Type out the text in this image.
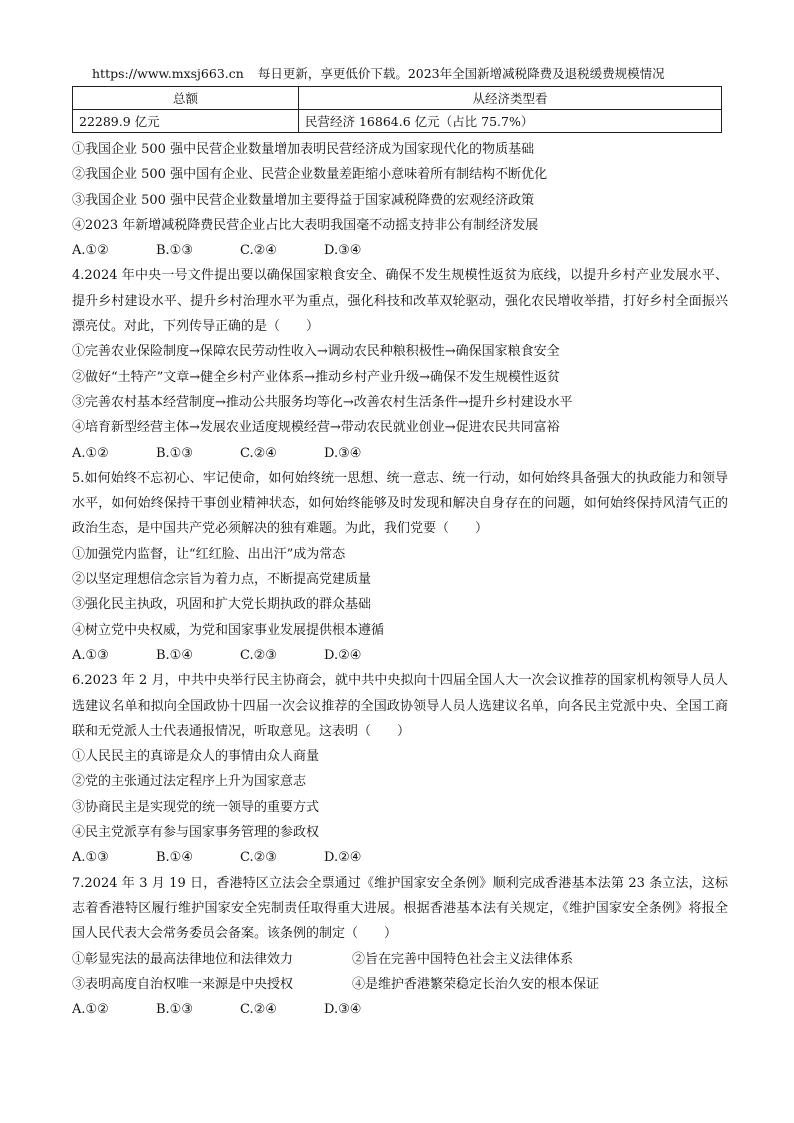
https://www.mxsj663.cn 每日更新，享更低价下载。2023年全国新增减税降费及退税缓费规模情况
总额	从经济类型看
22289.9 亿元	民营经济 16864.6 亿元（占比 75.7%）
①我国企业 500 强中民营企业数量增加表明民营经济成为国家现代化的物质基础
②我国企业 500 强中国有企业、民营企业数量差距缩小意味着所有制结构不断优化
③我国企业 500 强中民营企业数量增加主要得益于国家减税降费的宏观经济政策
④2023 年新增减税降费民营企业占比大表明我国毫不动摇支持非公有制经济发展
A.①②	B.①③	C.②④	D.③④
4.2024 年中央一号文件提出要以确保国家粮食安全、确保不发生规模性返贫为底线，以提升乡村产业发展水平、提升乡村建设水平、提升乡村治理水平为重点，强化科技和改革双轮驱动，强化农民增收举措，打好乡村全面振兴漂亮仗。对此，下列传导正确的是（　　）
①完善农业保险制度→保障农民劳动性收入→调动农民种粮积极性→确保国家粮食安全
②做好“土特产”文章→健全乡村产业体系→推动乡村产业升级→确保不发生规模性返贫
③完善农村基本经营制度→推动公共服务均等化→改善农村生活条件→提升乡村建设水平
④培育新型经营主体→发展农业适度规模经营→带动农民就业创业→促进农民共同富裕
A.①②	B.①③	C.②④	D.③④
5.如何始终不忘初心、牢记使命，如何始终统一思想、统一意志、统一行动，如何始终具备强大的执政能力和领导水平，如何始终保持干事创业精神状态，如何始终能够及时发现和解决自身存在的问题，如何始终保持风清气正的政治生态，是中国共产党必须解决的独有难题。为此，我们党要（　　）
①加强党内监督，让“红红脸、出出汗”成为常态
②以坚定理想信念宗旨为着力点，不断提高党建质量
③强化民主执政，巩固和扩大党长期执政的群众基础
④树立党中央权威，为党和国家事业发展提供根本遵循
A.①③	B.①④	C.②③	D.②④
6.2023 年 2 月，中共中央举行民主协商会，就中共中央拟向十四届全国人大一次会议推荐的国家机构领导人员人选建议名单和拟向全国政协十四届一次会议推荐的全国政协领导人员人选建议名单，向各民主党派中央、全国工商联和无党派人士代表通报情况，听取意见。这表明（　　）
①人民民主的真谛是众人的事情由众人商量
②党的主张通过法定程序上升为国家意志
③协商民主是实现党的统一领导的重要方式
④民主党派享有参与国家事务管理的参政权
A.①③	B.①④	C.②③	D.②④
7.2024 年 3 月 19 日，香港特区立法会全票通过《维护国家安全条例》顺利完成香港基本法第 23 条立法，这标志着香港特区履行维护国家安全宪制责任取得重大进展。根据香港基本法有关规定，《维护国家安全条例》将报全国人民代表大会常务委员会备案。该条例的制定（　　）
①彰显宪法的最高法律地位和法律效力	②旨在完善中国特色社会主义法律体系
③表明高度自治权唯一来源是中央授权	④是维护香港繁荣稳定长治久安的根本保证
A.①②	B.①③	C.②④	D.③④
